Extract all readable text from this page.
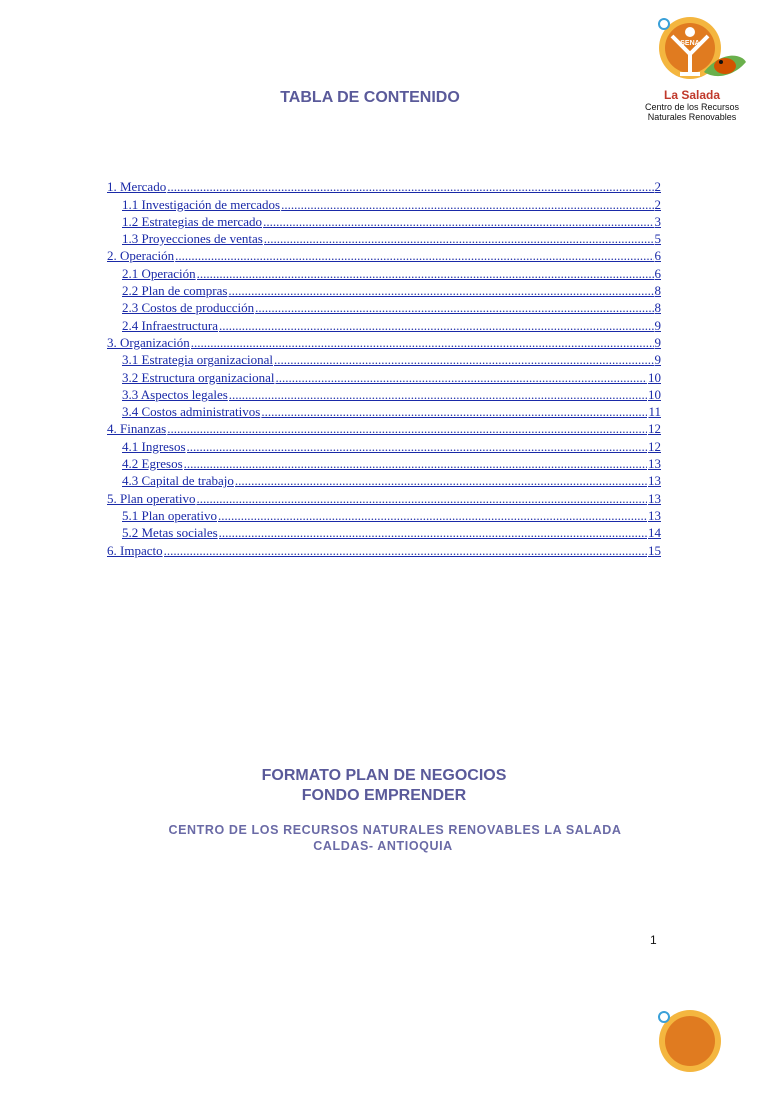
SENA
La Salada
Centro de los Recursos
Naturales Renovables
TABLA DE CONTENIDO
1. Mercado .....	2
1.1 Investigación de mercados .....	2
1.2 Estrategias de mercado .....	3
1.3 Proyecciones de ventas .....	5
2. Operación .....	6
2.1 Operación .....	6
2.2 Plan de compras .....	8
2.3 Costos de producción .....	8
2.4 Infraestructura .....	9
3. Organización .....	9
3.1 Estrategia organizacional .....	9
3.2 Estructura organizacional .....	10
3.3 Aspectos legales .....	10
3.4 Costos administrativos .....	11
4. Finanzas .....	12
4.1 Ingresos .....	12
4.2 Egresos .....	13
4.3 Capital de trabajo .....	13
5. Plan operativo .....	13
5.1 Plan operativo .....	13
5.2 Metas sociales .....	14
6. Impacto .....	15
FORMATO PLAN DE NEGOCIOS
FONDO EMPRENDER
CENTRO DE LOS RECURSOS NATURALES RENOVABLES LA SALADA
CALDAS- ANTIOQUIA
1
